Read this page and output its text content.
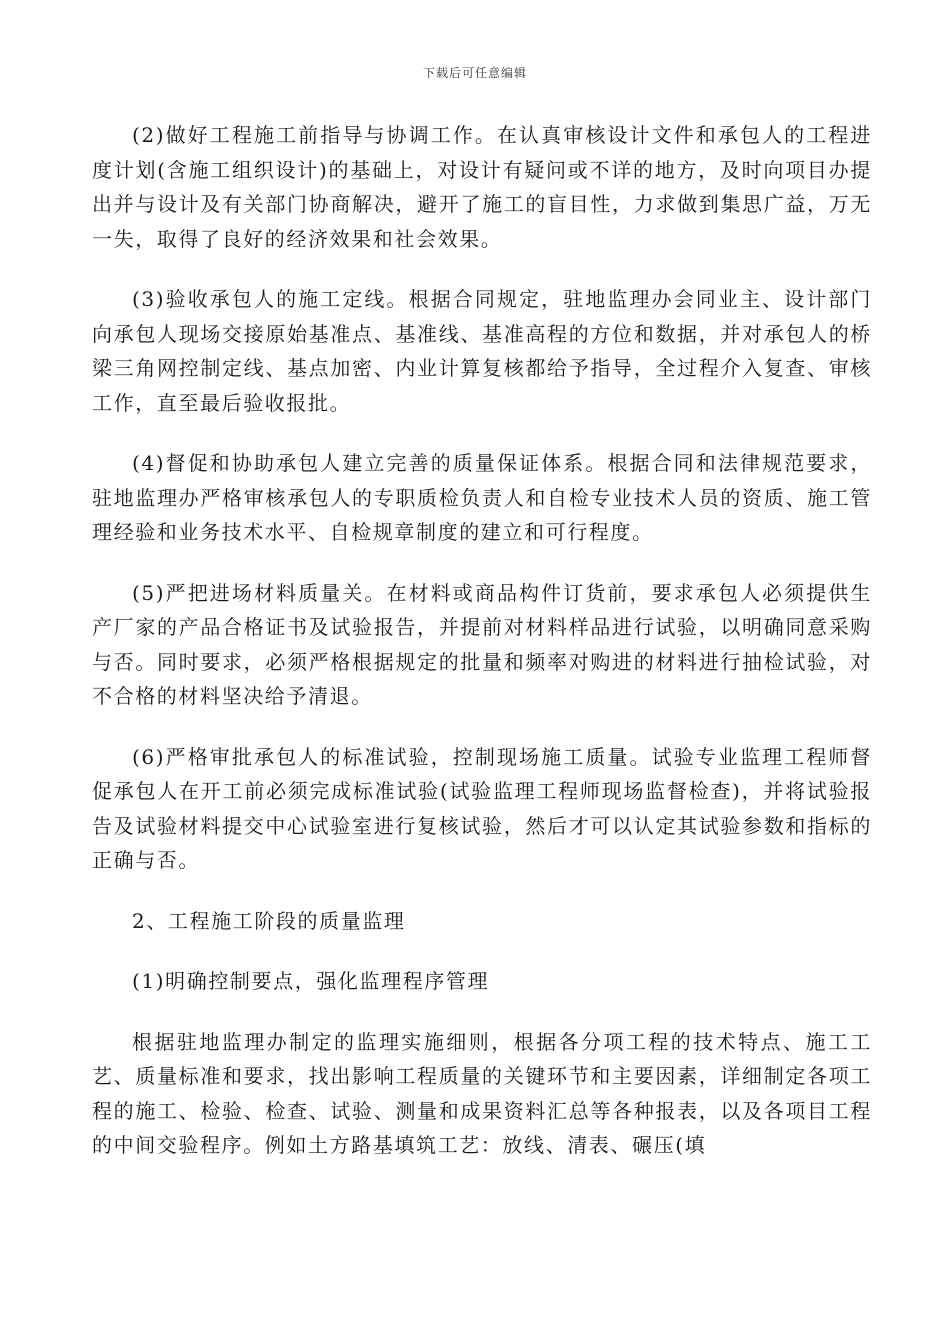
下载后可任意编辑

(2)做好工程施工前指导与协调工作。在认真审核设计文件和承包人的工程进度计划(含施工组织设计)的基础上，对设计有疑问或不详的地方，及时向项目办提出并与设计及有关部门协商解决，避开了施工的盲目性，力求做到集思广益，万无一失，取得了良好的经济效果和社会效果。

(3)验收承包人的施工定线。根据合同规定，驻地监理办会同业主、设计部门向承包人现场交接原始基准点、基准线、基准高程的方位和数据，并对承包人的桥梁三角网控制定线、基点加密、内业计算复核都给予指导，全过程介入复查、审核工作，直至最后验收报批。

(4)督促和协助承包人建立完善的质量保证体系。根据合同和法律规范要求，驻地监理办严格审核承包人的专职质检负责人和自检专业技术人员的资质、施工管理经验和业务技术水平、自检规章制度的建立和可行程度。

(5)严把进场材料质量关。在材料或商品构件订货前，要求承包人必须提供生产厂家的产品合格证书及试验报告，并提前对材料样品进行试验，以明确同意采购与否。同时要求，必须严格根据规定的批量和频率对购进的材料进行抽检试验，对不合格的材料坚决给予清退。

(6)严格审批承包人的标准试验，控制现场施工质量。试验专业监理工程师督促承包人在开工前必须完成标准试验(试验监理工程师现场监督检查)，并将试验报告及试验材料提交中心试验室进行复核试验，然后才可以认定其试验参数和指标的正确与否。

2、工程施工阶段的质量监理

(1)明确控制要点，强化监理程序管理

根据驻地监理办制定的监理实施细则，根据各分项工程的技术特点、施工工艺、质量标准和要求，找出影响工程质量的关键环节和主要因素，详细制定各项工程的施工、检验、检查、试验、测量和成果资料汇总等各种报表，以及各项目工程的中间交验程序。例如土方路基填筑工艺：放线、清表、碾压(填
